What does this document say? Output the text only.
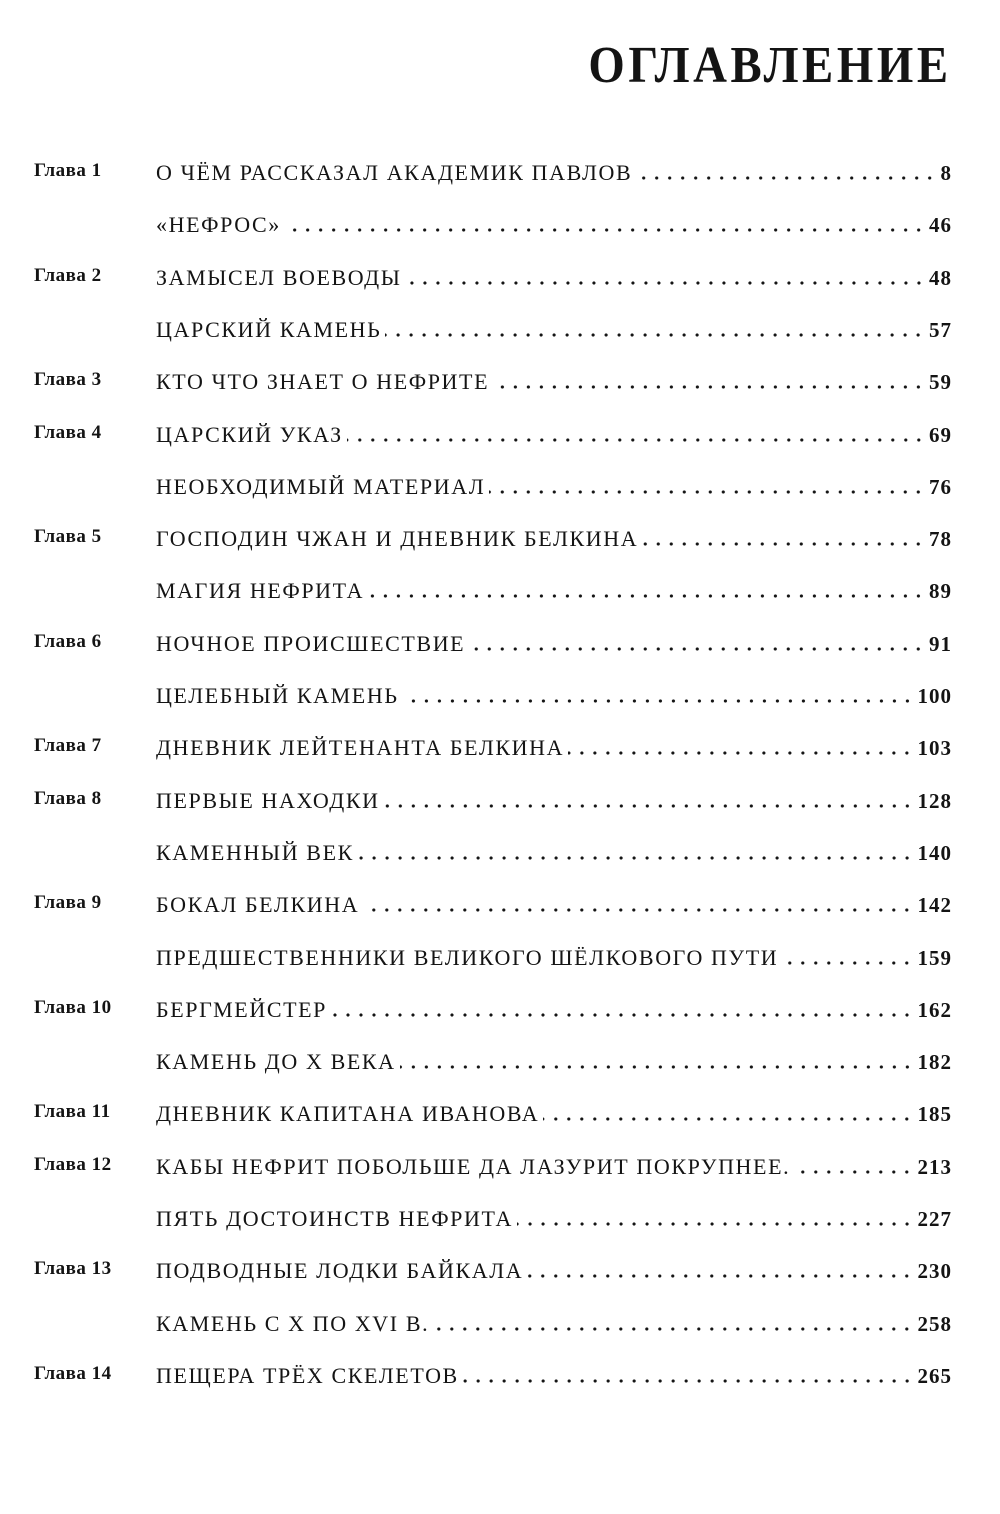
ОГЛАВЛЕНИЕ
Глава 1 О ЧЁМ РАССКАЗАЛ АКАДЕМИК ПАВЛОВ	8
«НЕФРОС»	46
Глава 2 ЗАМЫСЕЛ ВОЕВОДЫ	48
ЦАРСКИЙ КАМЕНЬ	57
Глава 3 КТО ЧТО ЗНАЕТ О НЕФРИТЕ	59
Глава 4 ЦАРСКИЙ УКАЗ	69
НЕОБХОДИМЫЙ МАТЕРИАЛ	76
Глава 5 ГОСПОДИН ЧЖАН И ДНЕВНИК БЕЛКИНА	78
МАГИЯ НЕФРИТА	89
Глава 6 НОЧНОЕ ПРОИСШЕСТВИЕ	91
ЦЕЛЕБНЫЙ КАМЕНЬ	100
Глава 7 ДНЕВНИК ЛЕЙТЕНАНТА БЕЛКИНА	103
Глава 8 ПЕРВЫЕ НАХОДКИ	128
КАМЕННЫЙ ВЕК	140
Глава 9 БОКАЛ БЕЛКИНА	142
ПРЕДШЕСТВЕННИКИ ВЕЛИКОГО ШЁЛКОВОГО ПУТИ	159
Глава 10 БЕРГМЕЙСТЕР	162
КАМЕНЬ ДО X ВЕКА	182
Глава 11 ДНЕВНИК КАПИТАНА ИВАНОВА	185
Глава 12 КАБЫ НЕФРИТ ПОБОЛЬШЕ ДА ЛАЗУРИТ ПОКРУПНЕЕ.	213
ПЯТЬ ДОСТОИНСТВ НЕФРИТА	227
Глава 13 ПОДВОДНЫЕ ЛОДКИ БАЙКАЛА	230
КАМЕНЬ С X ПО XVI В.	258
Глава 14 ПЕЩЕРА ТРЁХ СКЕЛЕТОВ	265
